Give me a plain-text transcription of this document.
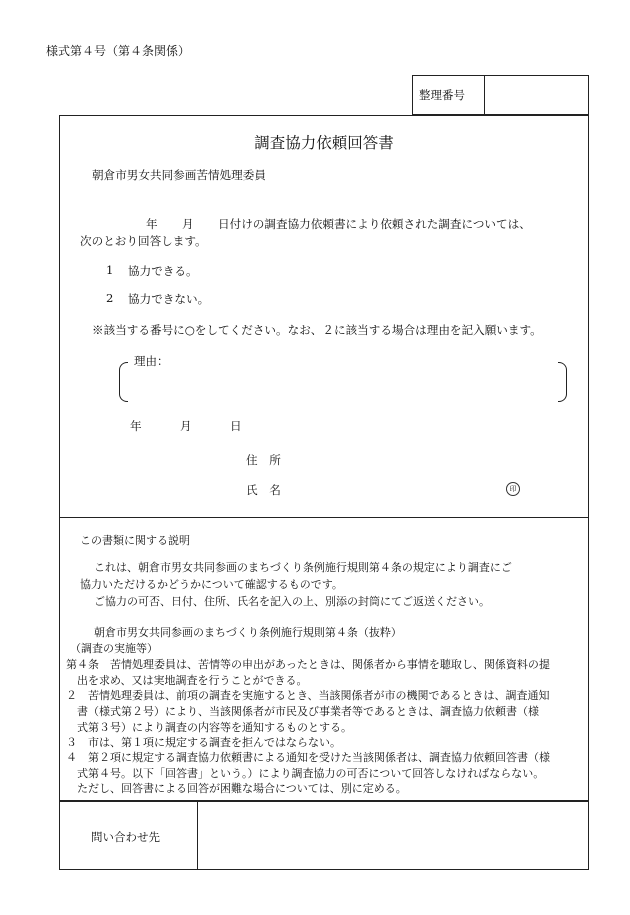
様式第４号（第４条関係）
整理番号
調査協力依頼回答書
朝倉市男女共同参画苦情処理委員
年 月 日付けの調査協力依頼書により依頼された調査については、
次のとおり回答します。
1 協力できる。
2 協力できない。
※該当する番号に○をしてください。なお、２に該当する場合は理由を記入願います。
理由：
年	月	日
住　所
氏　名	印
この書類に関する説明
これは、朝倉市男女共同参画のまちづくり条例施行規則第４条の規定により調査にご
協力いただけるかどうかについて確認するものです。
ご協力の可否、日付、住所、氏名を記入の上、別添の封筒にてご返送ください。
朝倉市男女共同参画のまちづくり条例施行規則第４条（抜粋）
（調査の実施等）
第４条　苦情処理委員は、苦情等の申出があったときは、関係者から事情を聴取し、関係資料の提
出を求め、又は実地調査を行うことができる。
２　苦情処理委員は、前項の調査を実施するとき、当該関係者が市の機関であるときは、調査通知
書（様式第２号）により、当該関係者が市民及び事業者等であるときは、調査協力依頼書（様
式第３号）により調査の内容等を通知するものとする。
３　市は、第１項に規定する調査を拒んではならない。
４　第２項に規定する調査協力依頼書による通知を受けた当該関係者は、調査協力依頼回答書（様
式第４号。以下「回答書」という。）により調査協力の可否について回答しなければならない。
ただし、回答書による回答が困難な場合については、別に定める。
問い合わせ先
